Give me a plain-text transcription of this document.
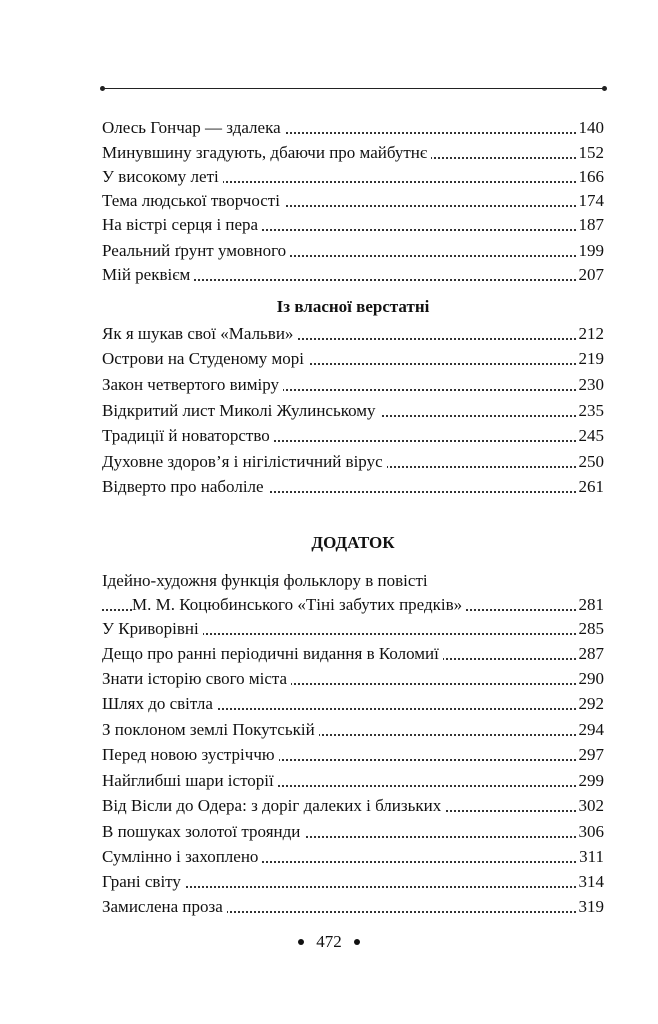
Олесь Гончар — здалека	140
Минувшину згадують, дбаючи про майбутнє	152
У високому леті	166
Тема людської творчості	174
На вістрі серця і пера	187
Реальний ґрунт умовного	199
Мій реквієм	207
Із власної верстатні
Як я шукав свої «Мальви»	212
Острови на Студеному морі	219
Закон четвертого виміру	230
Відкритий лист Миколі Жулинському	235
Традиції й новаторство	245
Духовне здоров’я і нігілістичний вірус	250
Відверто про наболіле	261
ДОДАТОК
Ідейно-художня функція фольклору в повісті
М. М. Коцюбинського «Тіні забутих предків»	281
У Криворівні	285
Дещо про ранні періодичні видання в Коломиї	287
Знати історію свого міста	290
Шлях до світла	292
З поклоном землі Покутській	294
Перед новою зустріччю	297
Найглибші шари історії	299
Від Вісли до Одера: з доріг далеких і близьких	302
В пошуках золотої троянди	306
Сумлінно і захоплено	311
Грані світу	314
Замислена проза	319
472
